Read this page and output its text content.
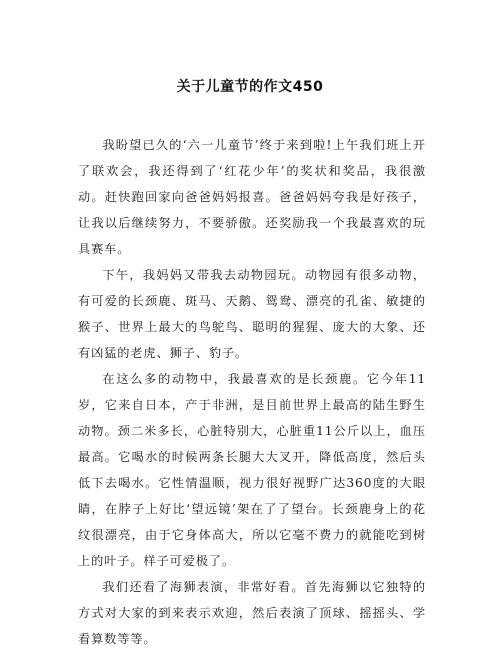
关于儿童节的作文450

我盼望已久的‘六一儿童节’终于来到啦!上午我们班上开了联欢会，我还得到了‘红花少年’的奖状和奖品，我很激动。赶快跑回家向爸爸妈妈报喜。爸爸妈妈夸我是好孩子，让我以后继续努力，不要骄傲。还奖励我一个我最喜欢的玩具赛车。

下午，我妈妈又带我去动物园玩。动物园有很多动物，有可爱的长颈鹿、斑马、天鹅、鸳鸯、漂亮的孔雀、敏捷的猴子、世界上最大的鸟鸵鸟、聪明的猩猩、庞大的大象、还有凶猛的老虎、狮子、豹子。

在这么多的动物中，我最喜欢的是长颈鹿。它今年11岁，它来自日本，产于非洲，是目前世界上最高的陆生野生动物。颈二米多长，心脏特别大，心脏重11公斤以上，血压最高。它喝水的时候两条长腿大大叉开，降低高度，然后头低下去喝水。它性情温顺，视力很好视野广达360度的大眼睛，在脖子上好比‘望远镜’架在了了望台。长颈鹿身上的花纹很漂亮，由于它身体高大，所以它毫不费力的就能吃到树上的叶子。样子可爱极了。

我们还看了海狮表演，非常好看。首先海狮以它独特的方式对大家的到来表示欢迎，然后表演了顶球、摇摇头、学看算数等等。
